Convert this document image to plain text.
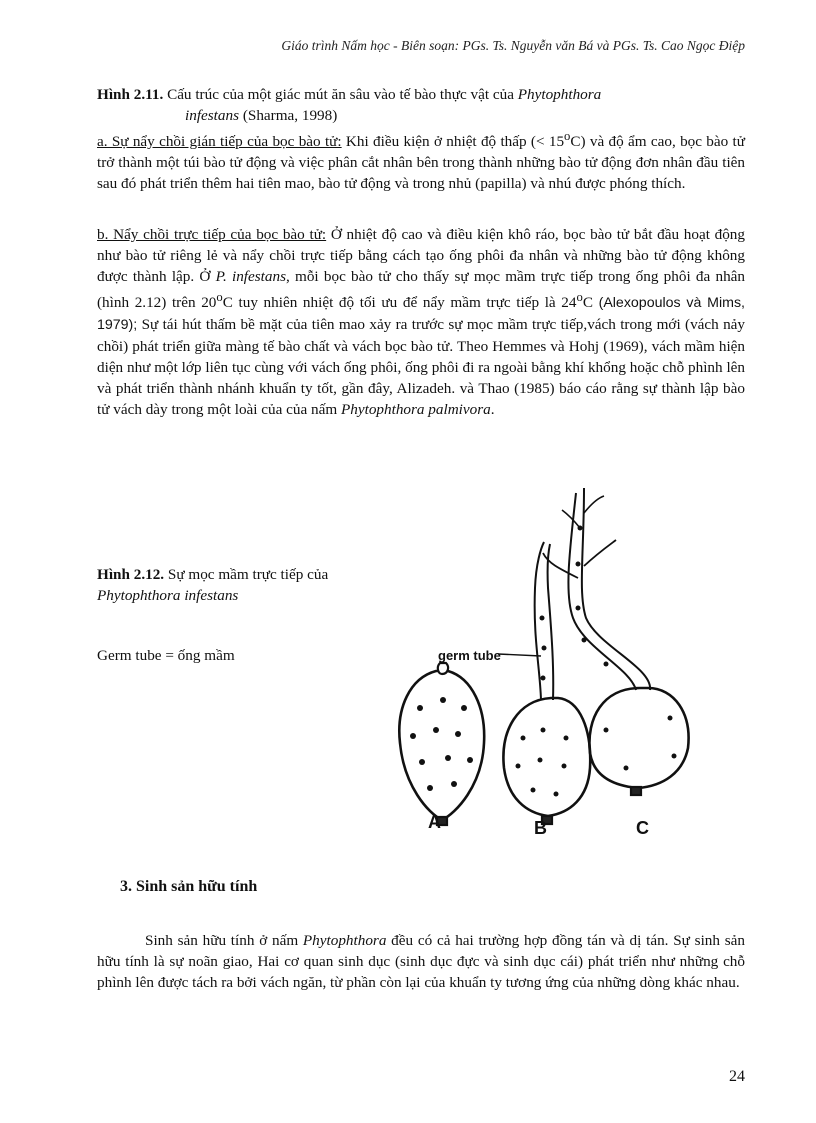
Giáo trình Nấm học - Biên soạn: PGs. Ts. Nguyễn văn Bá và PGs. Ts. Cao Ngọc Điệp
Hình 2.11. Cấu trúc của một giác mút ăn sâu vào tế bào thực vật của Phytophthora
infestans (Sharma, 1998)
a. Sự nẩy chồi gián tiếp của bọc bào tử: Khi điều kiện ở nhiệt độ thấp (< $15^oC$) và độ ẩm cao, bọc bào tử trở thành một túi bào tử động và việc phân cắt nhân bên trong thành những bào tử động đơn nhân đầu tiên sau đó phát triển thêm hai tiên mao, bào tử động và trong nhủ (papilla) và nhú được phóng thích.
b. Nẩy chồi trực tiếp của bọc bào tử: Ở nhiệt độ cao và điều kiện khô ráo, bọc bào tử bắt đầu hoạt động như bào tử riêng lẻ và nẩy chồi trực tiếp bằng cách tạo ống phôi đa nhân và những bào tử động không được thành lập. Ở P. infestans, mỗi bọc bào tử cho thấy sự mọc mầm trực tiếp trong ống phôi đa nhân (hình 2.12) trên 20$^o$C tuy nhiên nhiệt độ tối ưu để nẩy mầm trực tiếp là 24$^o$C (Alexopoulos và Mims, 1979); Sự tái hút thấm bề mặt của tiên mao xảy ra trước sự mọc mầm trực tiếp,vách trong mới (vách nảy chồi) phát triển giữa màng tế bào chất và vách bọc bào tử. Theo Hemmes và Hohj (1969), vách mầm hiện diện như một lớp liên tục cùng với vách ống phôi, ống phôi đi ra ngoài bằng khí khổng hoặc chỗ phình lên và phát triển thành nhánh khuẩn ty tốt, gần đây, Alizadeh. và Thao (1985) báo cáo rằng sự thành lập bào tử vách dày trong một loài của của nấm Phytophthora palmivora.
Hình 2.12. Sự mọc mầm trực tiếp của Phytophthora infestans
Germ tube = ống mầm	germ tube
A	B	C
3. Sinh sản hữu tính
Sinh sản hữu tính ở nấm Phytophthora đều có cả hai trường hợp đồng tán và dị tán. Sự sinh sản hữu tính là sự noãn giao, Hai cơ quan sinh dục (sinh dục đực và sinh dục cái) phát triển như những chỗ phình lên được tách ra bởi vách ngăn, từ phần còn lại của khuẩn ty tương ứng của những dòng khác nhau.
24
